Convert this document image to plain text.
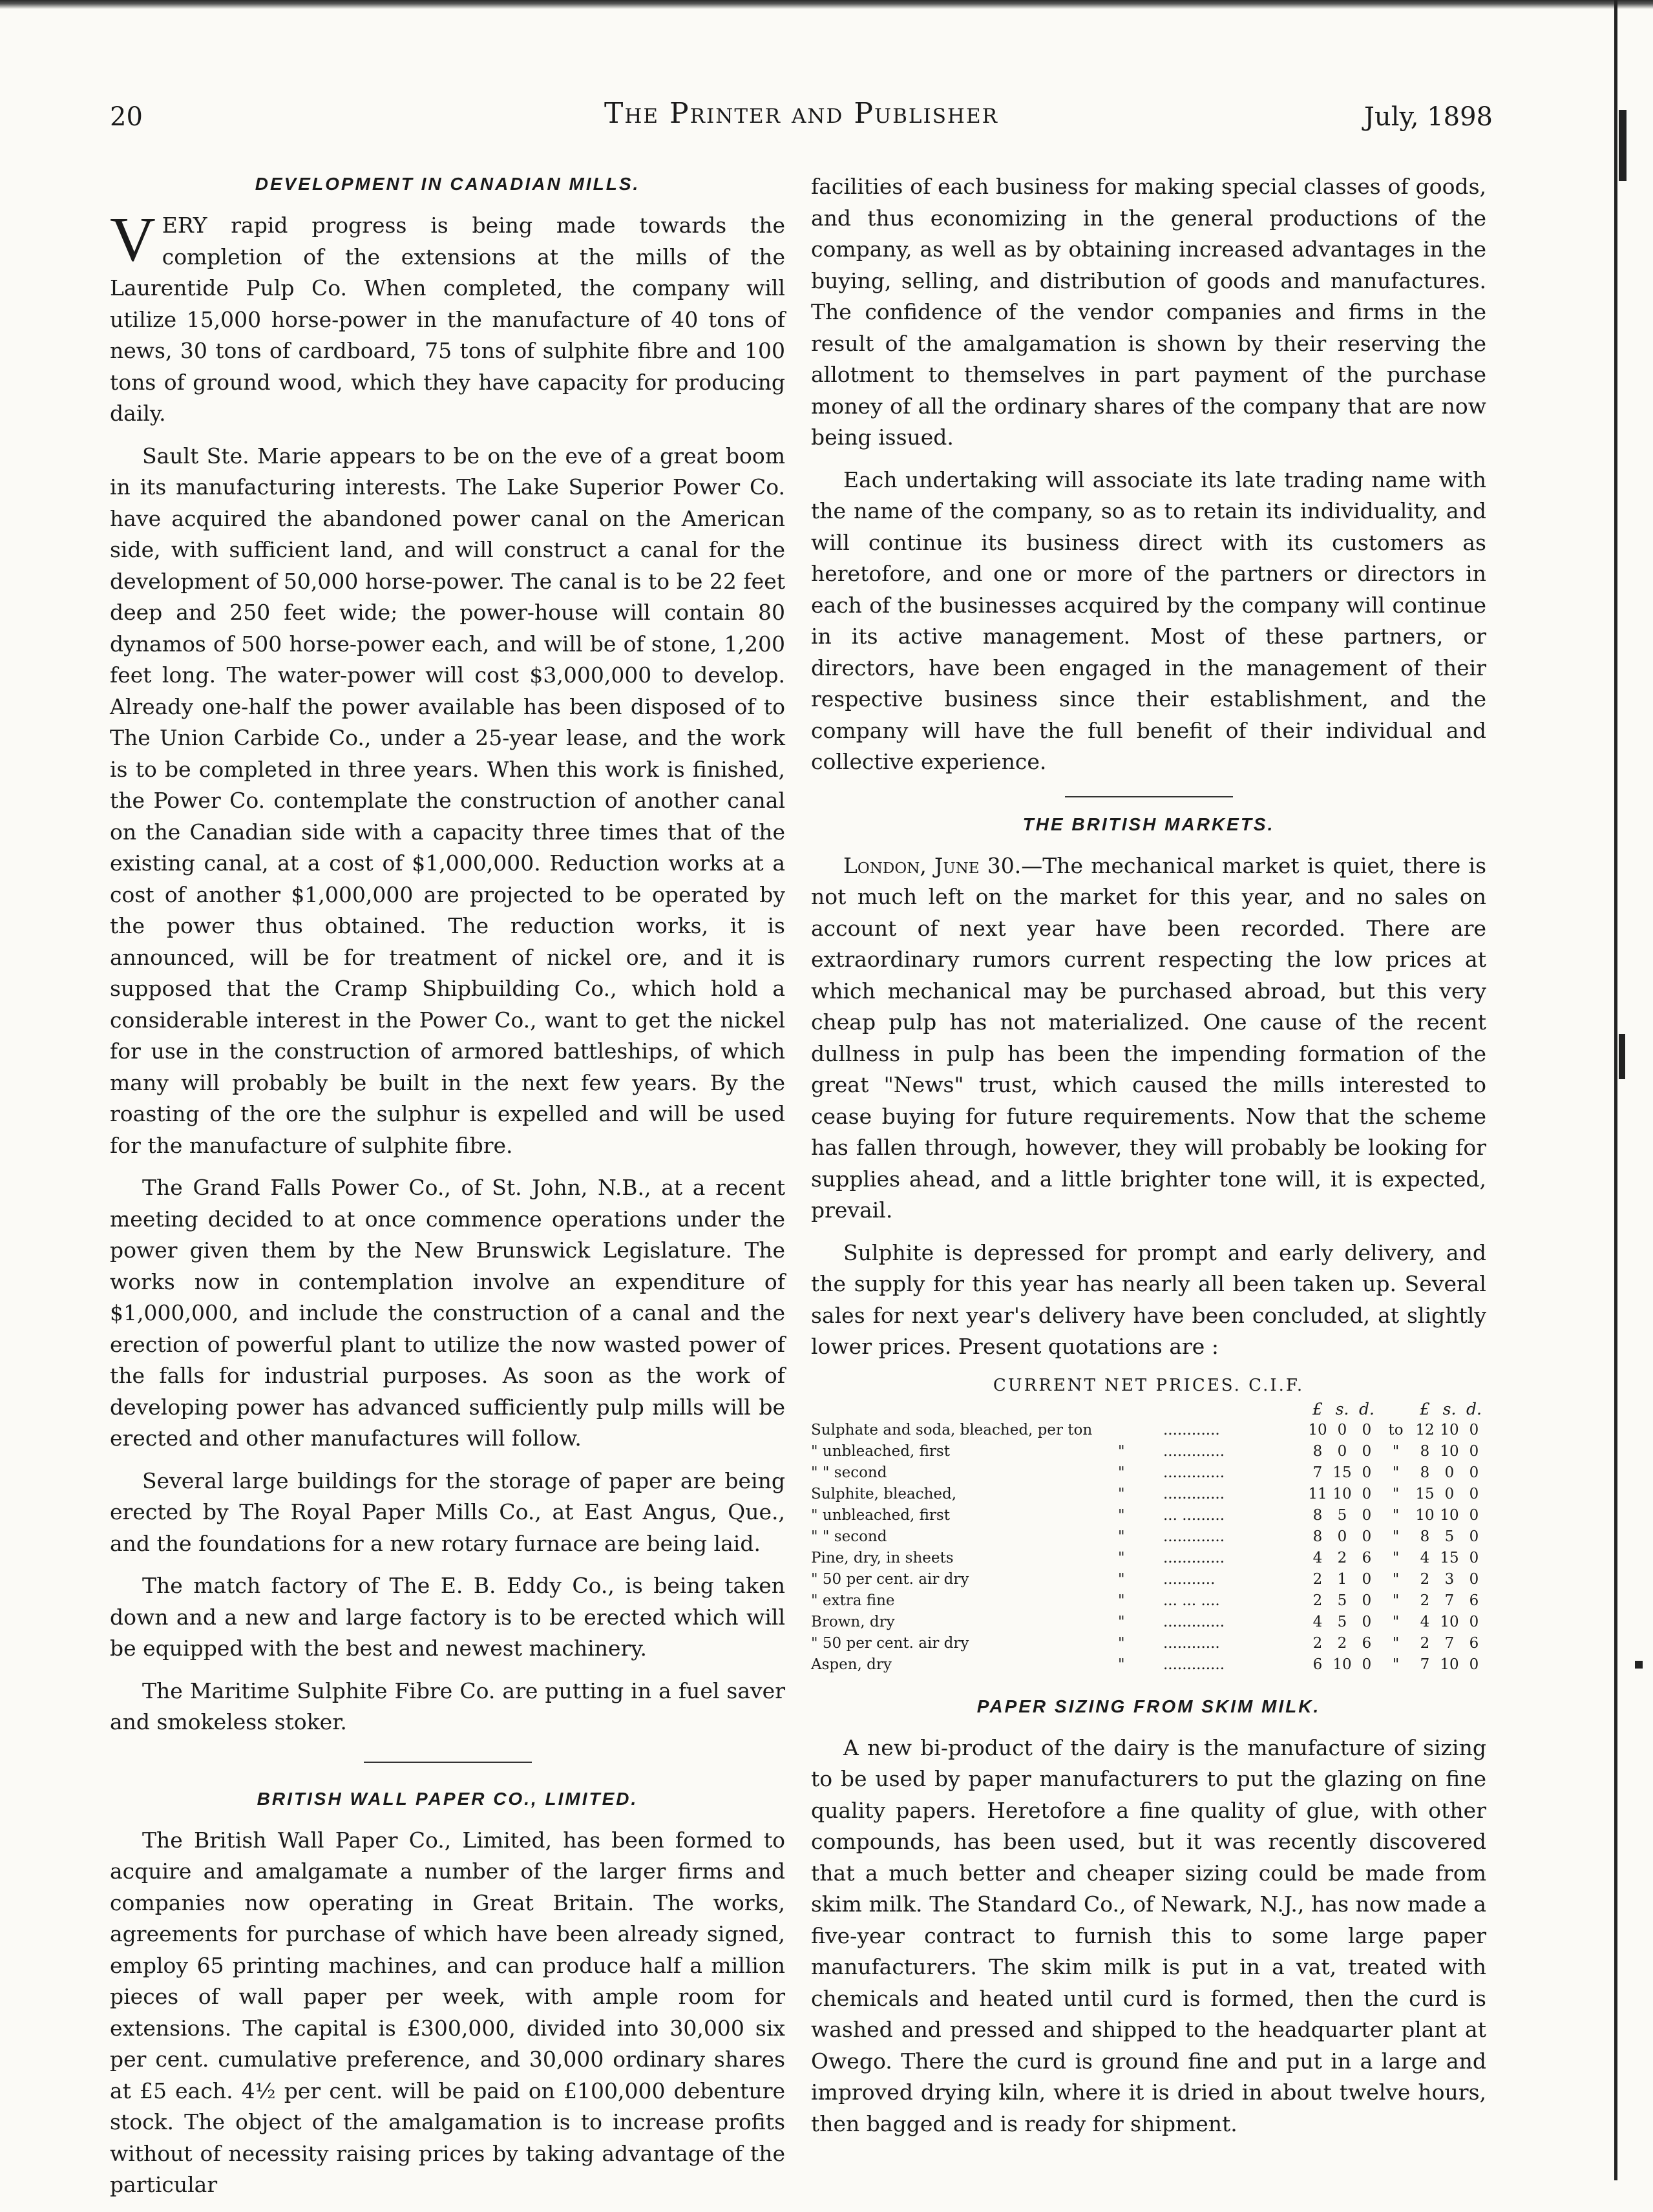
20	The Printer and Publisher	July, 1898
DEVELOPMENT IN CANADIAN MILLS.

VERY rapid progress is being made towards the completion of the extensions at the mills of the Laurentide Pulp Co. When completed, the company will utilize 15,000 horse-power in the manufacture of 40 tons of news, 30 tons of cardboard, 75 tons of sulphite fibre and 100 tons of ground wood, which they have capacity for producing daily.

Sault Ste. Marie appears to be on the eve of a great boom in its manufacturing interests. The Lake Superior Power Co. have acquired the abandoned power canal on the American side, with sufficient land, and will construct a canal for the development of 50,000 horse-power. The canal is to be 22 feet deep and 250 feet wide; the power-house will contain 80 dynamos of 500 horse-power each, and will be of stone, 1,200 feet long. The water-power will cost $3,000,000 to develop. Already one-half the power available has been disposed of to The Union Carbide Co., under a 25-year lease, and the work is to be completed in three years. When this work is finished, the Power Co. contemplate the construction of another canal on the Canadian side with a capacity three times that of the existing canal, at a cost of $1,000,000. Reduction works at a cost of another $1,000,000 are projected to be operated by the power thus obtained. The reduction works, it is announced, will be for treatment of nickel ore, and it is supposed that the Cramp Shipbuilding Co., which hold a considerable interest in the Power Co., want to get the nickel for use in the construction of armored battleships, of which many will probably be built in the next few years. By the roasting of the ore the sulphur is expelled and will be used for the manufacture of sulphite fibre.

The Grand Falls Power Co., of St. John, N.B., at a recent meeting decided to at once commence operations under the power given them by the New Brunswick Legislature. The works now in contemplation involve an expenditure of $1,000,000, and include the construction of a canal and the erection of powerful plant to utilize the now wasted power of the falls for industrial purposes. As soon as the work of developing power has advanced sufficiently pulp mills will be erected and other manufactures will follow.

Several large buildings for the storage of paper are being erected by The Royal Paper Mills Co., at East Angus, Que., and the foundations for a new rotary furnace are being laid.

The match factory of The E. B. Eddy Co., is being taken down and a new and large factory is to be erected which will be equipped with the best and newest machinery.

The Maritime Sulphite Fibre Co. are putting in a fuel saver and smokeless stoker.

BRITISH WALL PAPER CO., LIMITED.

The British Wall Paper Co., Limited, has been formed to acquire and amalgamate a number of the larger firms and companies now operating in Great Britain. The works, agreements for purchase of which have been already signed, employ 65 printing machines, and can produce half a million pieces of wall paper per week, with ample room for extensions. The capital is £300,000, divided into 30,000 six per cent. cumulative preference, and 30,000 ordinary shares at £5 each. 4½ per cent. will be paid on £100,000 debenture stock. The object of the amalgamation is to increase profits without of necessity raising prices by taking advantage of the particular

facilities of each business for making special classes of goods, and thus economizing in the general productions of the company, as well as by obtaining increased advantages in the buying, selling, and distribution of goods and manufactures. The confidence of the vendor companies and firms in the result of the amalgamation is shown by their reserving the allotment to themselves in part payment of the purchase money of all the ordinary shares of the company that are now being issued.

Each undertaking will associate its late trading name with the name of the company, so as to retain its individuality, and will continue its business direct with its customers as heretofore, and one or more of the partners or directors in each of the businesses acquired by the company will continue in its active management. Most of these partners, or directors, have been engaged in the management of their respective business since their establishment, and the company will have the full benefit of their individual and collective experience.

THE BRITISH MARKETS.

London, June 30.—The mechanical market is quiet, there is not much left on the market for this year, and no sales on account of next year have been recorded. There are extraordinary rumors current respecting the low prices at which mechanical may be purchased abroad, but this very cheap pulp has not materialized. One cause of the recent dullness in pulp has been the impending formation of the great "News" trust, which caused the mills interested to cease buying for future requirements. Now that the scheme has fallen through, however, they will probably be looking for supplies ahead, and a little brighter tone will, it is expected, prevail.

Sulphite is depressed for prompt and early delivery, and the supply for this year has nearly all been taken up. Several sales for next year's delivery have been concluded, at slightly lower prices. Present quotations are :

CURRENT NET PRICES. C.I.F.
			£	s.	d.		£	s.	d.
Sulphate and soda, bleached, per ton		............	10	0	0	to	12	10	0
" unbleached, first	"	.............	8	0	0	"	8	10	0
" " second	"	.............	7	15	0	"	8	0	0
Sulphite, bleached,	"	.............	11	10	0	"	15	0	0
" unbleached, first	"	... .........	8	5	0	"	10	10	0
" " second	"	.............	8	0	0	"	8	5	0
Pine, dry, in sheets	"	.............	4	2	6	"	4	15	0
" 50 per cent. air dry	"	...........	2	1	0	"	2	3	0
" extra fine	"	... ... ....	2	5	0	"	2	7	6
Brown, dry	"	.............	4	5	0	"	4	10	0
" 50 per cent. air dry	"	............	2	2	6	"	2	7	6
Aspen, dry	"	.............	6	10	0	"	7	10	0
PAPER SIZING FROM SKIM MILK.

A new bi-product of the dairy is the manufacture of sizing to be used by paper manufacturers to put the glazing on fine quality papers. Heretofore a fine quality of glue, with other compounds, has been used, but it was recently discovered that a much better and cheaper sizing could be made from skim milk. The Standard Co., of Newark, N.J., has now made a five-year contract to furnish this to some large paper manufacturers. The skim milk is put in a vat, treated with chemicals and heated until curd is formed, then the curd is washed and pressed and shipped to the headquarter plant at Owego. There the curd is ground fine and put in a large and improved drying kiln, where it is dried in about twelve hours, then bagged and is ready for shipment.
